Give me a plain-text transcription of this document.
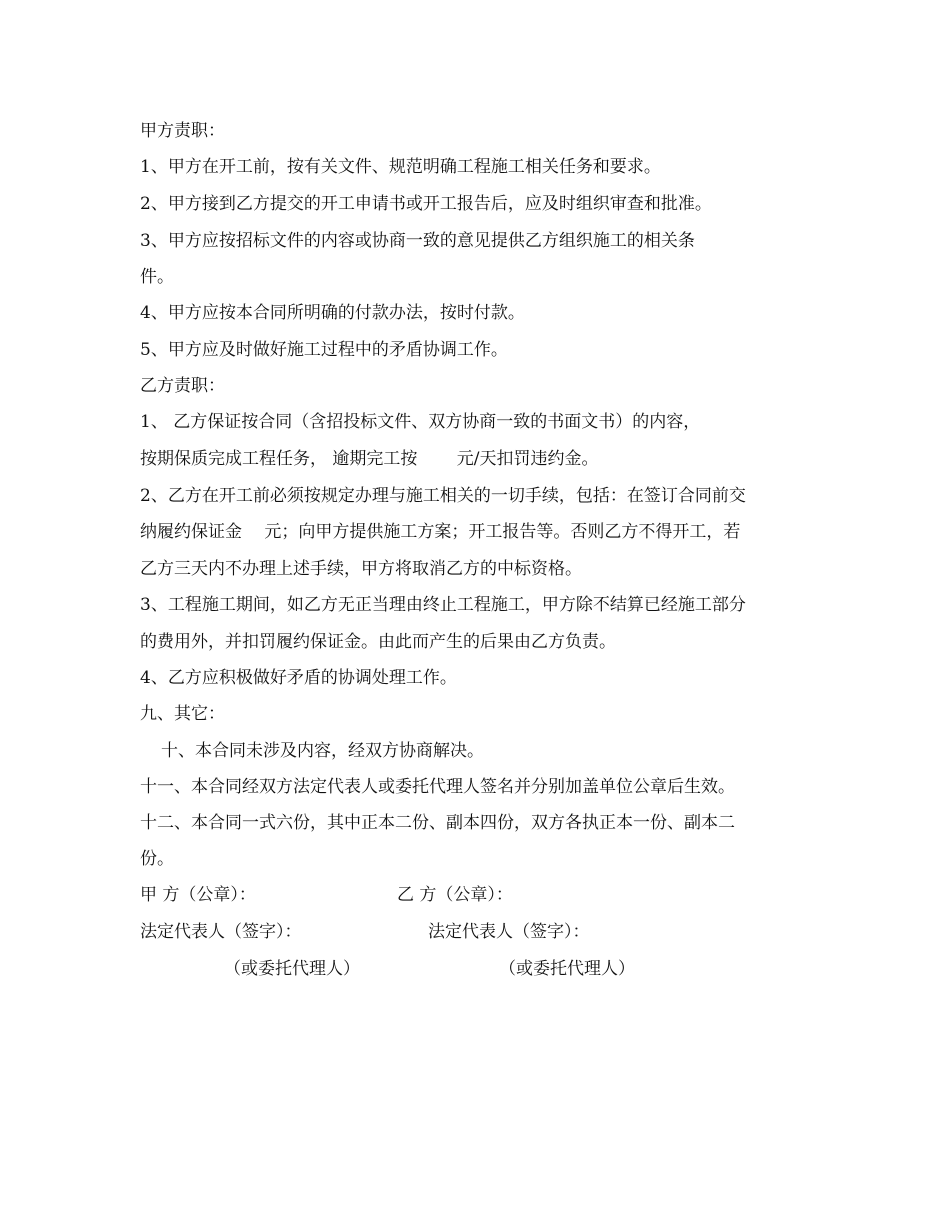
甲方责职：
1、甲方在开工前，按有关文件、规范明确工程施工相关任务和要求。
2、甲方接到乙方提交的开工申请书或开工报告后，应及时组织审查和批准。
3、甲方应按招标文件的内容或协商一致的意见提供乙方组织施工的相关条
件。
4、甲方应按本合同所明确的付款办法，按时付款。
5、甲方应及时做好施工过程中的矛盾协调工作。
乙方责职：
1、 乙方保证按合同（含招投标文件、双方协商一致的书面文书）的内容，
按期保质完成工程任务， 逾期完工按　　 元/天扣罚违约金。
2、乙方在开工前必须按规定办理与施工相关的一切手续，包括：在签订合同前交
纳履约保证金　 元；向甲方提供施工方案；开工报告等。否则乙方不得开工，若
乙方三天内不办理上述手续，甲方将取消乙方的中标资格。
3、工程施工期间，如乙方无正当理由终止工程施工，甲方除不结算已经施工部分
的费用外，并扣罚履约保证金。由此而产生的后果由乙方负责。
4、乙方应积极做好矛盾的协调处理工作。
九、其它：
十、本合同未涉及内容，经双方协商解决。
十一、本合同经双方法定代表人或委托代理人签名并分别加盖单位公章后生效。
十二、本合同一式六份，其中正本二份、副本四份，双方各执正本一份、副本二
份。
甲 方（公章）：	乙 方（公章）：
法定代表人（签字）：	法定代表人（签字）：
（或委托代理人）	（或委托代理人）
